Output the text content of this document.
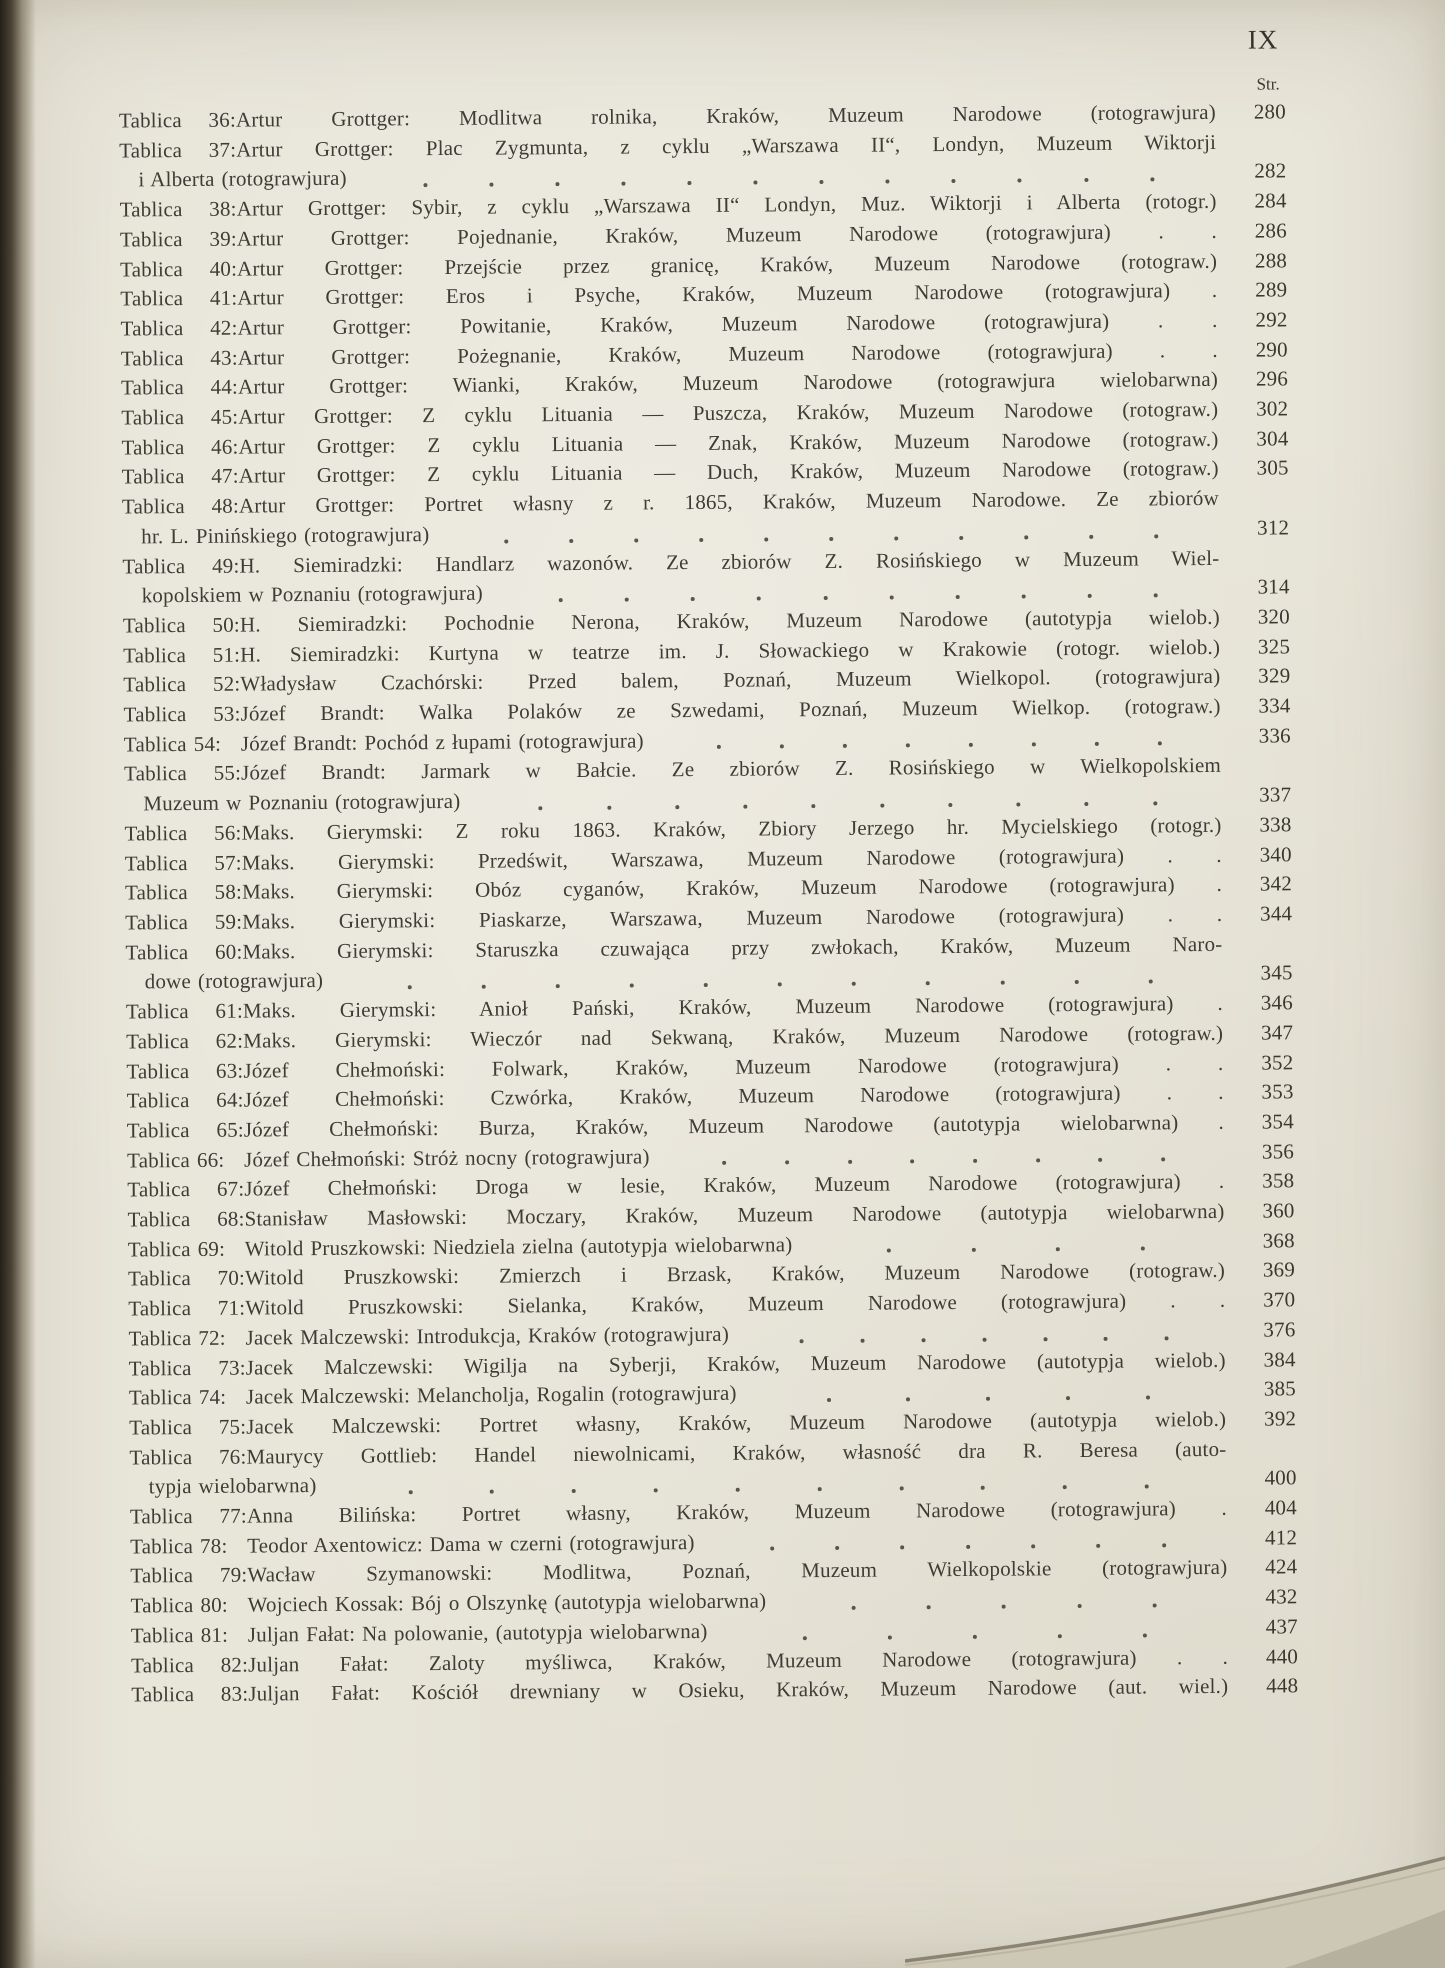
IX
Str.
Tablica 36:Artur Grottger: Modlitwa rolnika, Kraków, Muzeum Narodowe (rotograwjura)	280
Tablica 37:Artur Grottger: Plac Zygmunta, z cyklu „Warszawa II“, Londyn, Muzeum Wiktorji
i Alberta (rotograwjura)	282
Tablica 38:Artur Grottger: Sybir, z cyklu „Warszawa II“ Londyn, Muz. Wiktorji i Alberta (rotogr.)	284
Tablica 39:Artur Grottger: Pojednanie, Kraków, Muzeum Narodowe (rotograwjura) . .	286
Tablica 40:Artur Grottger: Przejście przez granicę, Kraków, Muzeum Narodowe (rotograw.)	288
Tablica 41:Artur Grottger: Eros i Psyche, Kraków, Muzeum Narodowe (rotograwjura) .	289
Tablica 42:Artur Grottger: Powitanie, Kraków, Muzeum Narodowe (rotograwjura) . .	292
Tablica 43:Artur Grottger: Pożegnanie, Kraków, Muzeum Narodowe (rotograwjura) . .	290
Tablica 44:Artur Grottger: Wianki, Kraków, Muzeum Narodowe (rotograwjura wielobarwna)	296
Tablica 45:Artur Grottger: Z cyklu Lituania — Puszcza, Kraków, Muzeum Narodowe (rotograw.)	302
Tablica 46:Artur Grottger: Z cyklu Lituania — Znak, Kraków, Muzeum Narodowe (rotograw.)	304
Tablica 47:Artur Grottger: Z cyklu Lituania — Duch, Kraków, Muzeum Narodowe (rotograw.)	305
Tablica 48:Artur Grottger: Portret własny z r. 1865, Kraków, Muzeum Narodowe. Ze zbiorów
hr. L. Pinińskiego (rotograwjura)	312
Tablica 49:H. Siemiradzki: Handlarz wazonów. Ze zbiorów Z. Rosińskiego w Muzeum Wiel-
kopolskiem w Poznaniu (rotograwjura)	314
Tablica 50:H. Siemiradzki: Pochodnie Nerona, Kraków, Muzeum Narodowe (autotypja wielob.)	320
Tablica 51:H. Siemiradzki: Kurtyna w teatrze im. J. Słowackiego w Krakowie (rotogr. wielob.)	325
Tablica 52:Władysław Czachórski: Przed balem, Poznań, Muzeum Wielkopol. (rotograwjura)	329
Tablica 53:Józef Brandt: Walka Polaków ze Szwedami, Poznań, Muzeum Wielkop. (rotograw.)	334
Tablica 54: Józef Brandt: Pochód z łupami (rotograwjura)	336
Tablica 55:Józef Brandt: Jarmark w Bałcie. Ze zbiorów Z. Rosińskiego w Wielkopolskiem
Muzeum w Poznaniu (rotograwjura)	337
Tablica 56:Maks. Gierymski: Z roku 1863. Kraków, Zbiory Jerzego hr. Mycielskiego (rotogr.)	338
Tablica 57:Maks. Gierymski: Przedświt, Warszawa, Muzeum Narodowe (rotograwjura) . .	340
Tablica 58:Maks. Gierymski: Obóz cyganów, Kraków, Muzeum Narodowe (rotograwjura) .	342
Tablica 59:Maks. Gierymski: Piaskarze, Warszawa, Muzeum Narodowe (rotograwjura) . .	344
Tablica 60:Maks. Gierymski: Staruszka czuwająca przy zwłokach, Kraków, Muzeum Naro-
dowe (rotograwjura)	345
Tablica 61:Maks. Gierymski: Anioł Pański, Kraków, Muzeum Narodowe (rotograwjura) .	346
Tablica 62:Maks. Gierymski: Wieczór nad Sekwaną, Kraków, Muzeum Narodowe (rotograw.)	347
Tablica 63:Józef Chełmoński: Folwark, Kraków, Muzeum Narodowe (rotograwjura) . .	352
Tablica 64:Józef Chełmoński: Czwórka, Kraków, Muzeum Narodowe (rotograwjura) . .	353
Tablica 65:Józef Chełmoński: Burza, Kraków, Muzeum Narodowe (autotypja wielobarwna) .	354
Tablica 66: Józef Chełmoński: Stróż nocny (rotograwjura)	356
Tablica 67:Józef Chełmoński: Droga w lesie, Kraków, Muzeum Narodowe (rotograwjura) .	358
Tablica 68:Stanisław Masłowski: Moczary, Kraków, Muzeum Narodowe (autotypja wielobarwna)	360
Tablica 69: Witold Pruszkowski: Niedziela zielna (autotypja wielobarwna)	368
Tablica 70:Witold Pruszkowski: Zmierzch i Brzask, Kraków, Muzeum Narodowe (rotograw.)	369
Tablica 71:Witold Pruszkowski: Sielanka, Kraków, Muzeum Narodowe (rotograwjura) . .	370
Tablica 72: Jacek Malczewski: Introdukcja, Kraków (rotograwjura)	376
Tablica 73:Jacek Malczewski: Wigilja na Syberji, Kraków, Muzeum Narodowe (autotypja wielob.)	384
Tablica 74: Jacek Malczewski: Melancholja, Rogalin (rotograwjura)	385
Tablica 75:Jacek Malczewski: Portret własny, Kraków, Muzeum Narodowe (autotypja wielob.)	392
Tablica 76:Maurycy Gottlieb: Handel niewolnicami, Kraków, własność dra R. Beresa (auto-
typja wielobarwna)	400
Tablica 77:Anna Bilińska: Portret własny, Kraków, Muzeum Narodowe (rotograwjura) .	404
Tablica 78: Teodor Axentowicz: Dama w czerni (rotograwjura)	412
Tablica 79:Wacław Szymanowski: Modlitwa, Poznań, Muzeum Wielkopolskie (rotograwjura)	424
Tablica 80: Wojciech Kossak: Bój o Olszynkę (autotypja wielobarwna)	432
Tablica 81: Juljan Fałat: Na polowanie, (autotypja wielobarwna)	437
Tablica 82:Juljan Fałat: Zaloty myśliwca, Kraków, Muzeum Narodowe (rotograwjura) . .	440
Tablica 83:Juljan Fałat: Kościół drewniany w Osieku, Kraków, Muzeum Narodowe (aut. wiel.)	448
